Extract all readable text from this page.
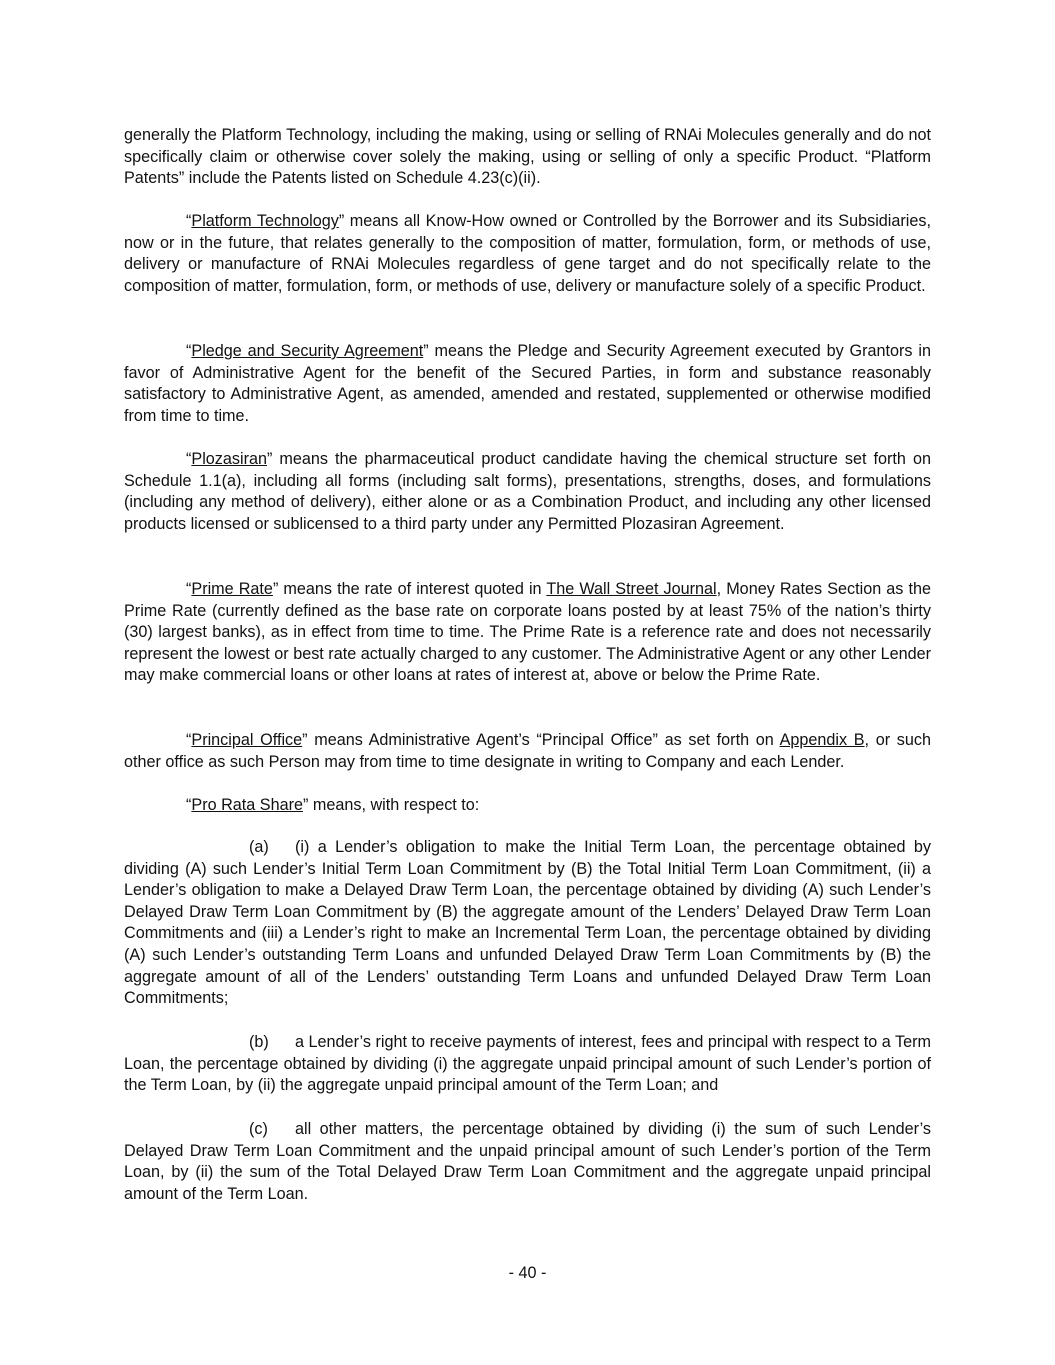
generally the Platform Technology, including the making, using or selling of RNAi Molecules generally and do not specifically claim or otherwise cover solely the making, using or selling of only a specific Product. “Platform Patents” include the Patents listed on Schedule 4.23(c)(ii).

“Platform Technology” means all Know-How owned or Controlled by the Borrower and its Subsidiaries, now or in the future, that relates generally to the composition of matter, formulation, form, or methods of use, delivery or manufacture of RNAi Molecules regardless of gene target and do not specifically relate to the composition of matter, formulation, form, or methods of use, delivery or manufacture solely of a specific Product.

“Pledge and Security Agreement” means the Pledge and Security Agreement executed by Grantors in favor of Administrative Agent for the benefit of the Secured Parties, in form and substance reasonably satisfactory to Administrative Agent, as amended, amended and restated, supplemented or otherwise modified from time to time.

“Plozasiran” means the pharmaceutical product candidate having the chemical structure set forth on Schedule 1.1(a), including all forms (including salt forms), presentations, strengths, doses, and formulations (including any method of delivery), either alone or as a Combination Product, and including any other licensed products licensed or sublicensed to a third party under any Permitted Plozasiran Agreement.

“Prime Rate” means the rate of interest quoted in The Wall Street Journal, Money Rates Section as the Prime Rate (currently defined as the base rate on corporate loans posted by at least 75% of the nation’s thirty (30) largest banks), as in effect from time to time. The Prime Rate is a reference rate and does not necessarily represent the lowest or best rate actually charged to any customer. The Administrative Agent or any other Lender may make commercial loans or other loans at rates of interest at, above or below the Prime Rate.

“Principal Office” means Administrative Agent’s “Principal Office” as set forth on Appendix B, or such other office as such Person may from time to time designate in writing to Company and each Lender.

“Pro Rata Share” means, with respect to:

(a) (i) a Lender’s obligation to make the Initial Term Loan, the percentage obtained by dividing (A) such Lender’s Initial Term Loan Commitment by (B) the Total Initial Term Loan Commitment, (ii) a Lender’s obligation to make a Delayed Draw Term Loan, the percentage obtained by dividing (A) such Lender’s Delayed Draw Term Loan Commitment by (B) the aggregate amount of the Lenders’ Delayed Draw Term Loan Commitments and (iii) a Lender’s right to make an Incremental Term Loan, the percentage obtained by dividing (A) such Lender’s outstanding Term Loans and unfunded Delayed Draw Term Loan Commitments by (B) the aggregate amount of all of the Lenders’ outstanding Term Loans and unfunded Delayed Draw Term Loan Commitments;

(b) a Lender’s right to receive payments of interest, fees and principal with respect to a Term Loan, the percentage obtained by dividing (i) the aggregate unpaid principal amount of such Lender’s portion of the Term Loan, by (ii) the aggregate unpaid principal amount of the Term Loan; and

(c) all other matters, the percentage obtained by dividing (i) the sum of such Lender’s Delayed Draw Term Loan Commitment and the unpaid principal amount of such Lender’s portion of the Term Loan, by (ii) the sum of the Total Delayed Draw Term Loan Commitment and the aggregate unpaid principal amount of the Term Loan.

- 40 -
